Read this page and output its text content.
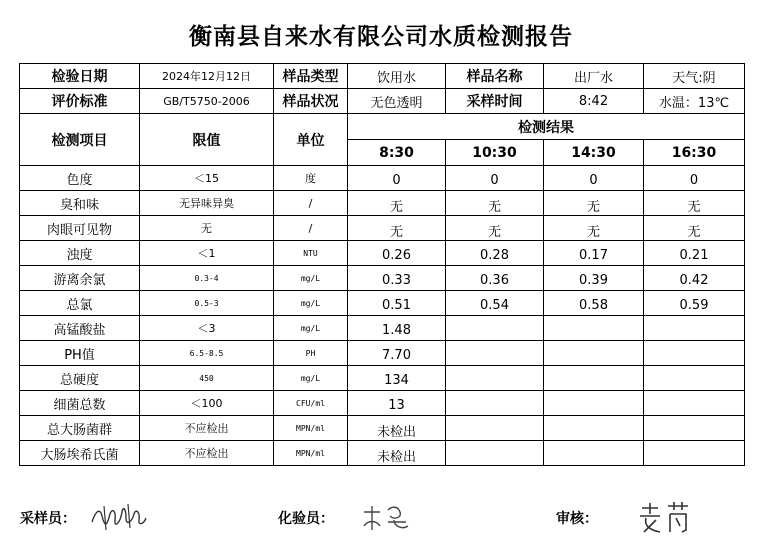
衡南县自来水有限公司水质检测报告
检验日期	2024年12月12日	样品类型	饮用水	样品名称	出厂水	天气:阴
评价标准	GB/T5750-2006	样品状况	无色透明	采样时间	8:42	水温：13℃
检测项目	限值	单位	检测结果			
			8:30	10:30	14:30	16:30
色度	＜15	度	0	0	0	0
臭和味	无异味异臭	/	无	无	无	无
肉眼可见物	无	/	无	无	无	无
浊度	＜1	NTU	0.26	0.28	0.17	0.21
游离余氯	0.3-4	mg/L	0.33	0.36	0.39	0.42
总氯	0.5-3	mg/L	0.51	0.54	0.58	0.59
高锰酸盐	＜3	mg/L	1.48			
PH值	6.5-8.5	PH	7.70			
总硬度	450	mg/L	134			
细菌总数	＜100	CFU/ml	13			
总大肠菌群	不应检出	MPN/ml	未检出			
大肠埃希氏菌	不应检出	MPN/ml	未检出			
采样员：	化验员：	审核：
